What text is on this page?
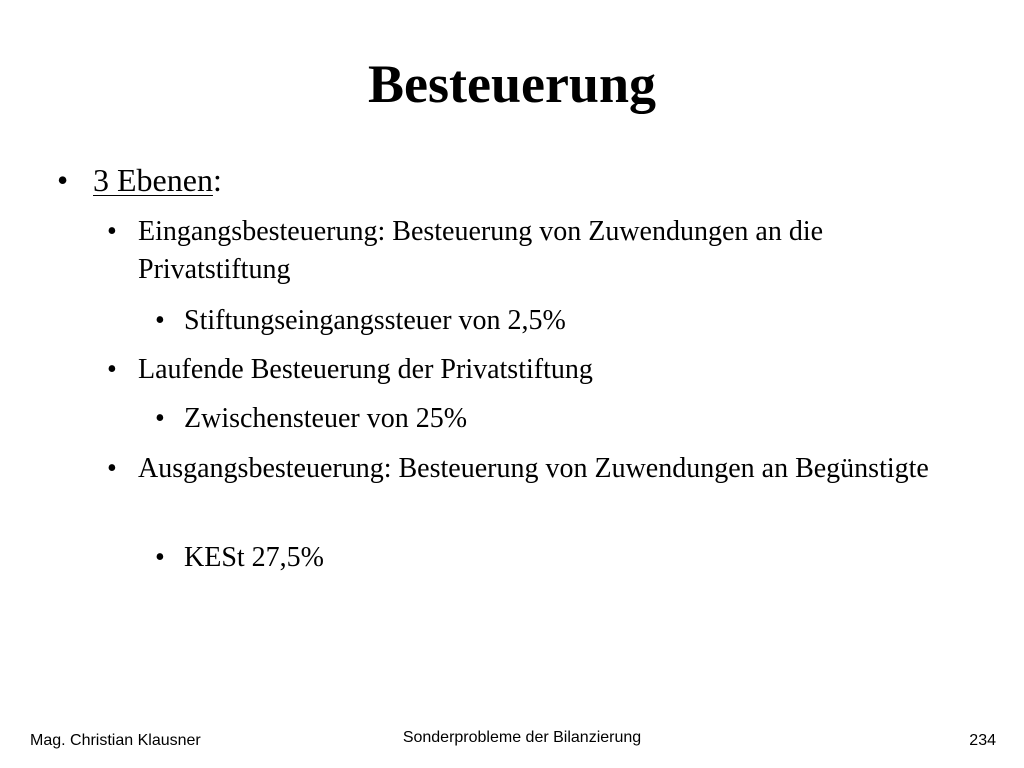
Besteuerung
• 3 Ebenen:
• Eingangsbesteuerung: Besteuerung von Zuwendungen an die Privatstiftung
• Stiftungseingangssteuer von 2,5%
• Laufende Besteuerung der Privatstiftung
• Zwischensteuer von 25%
• Ausgangsbesteuerung: Besteuerung von Zuwendungen an Begünstigte
• KESt 27,5%
Mag. Christian Klausner	Sonderprobleme der Bilanzierung	234
